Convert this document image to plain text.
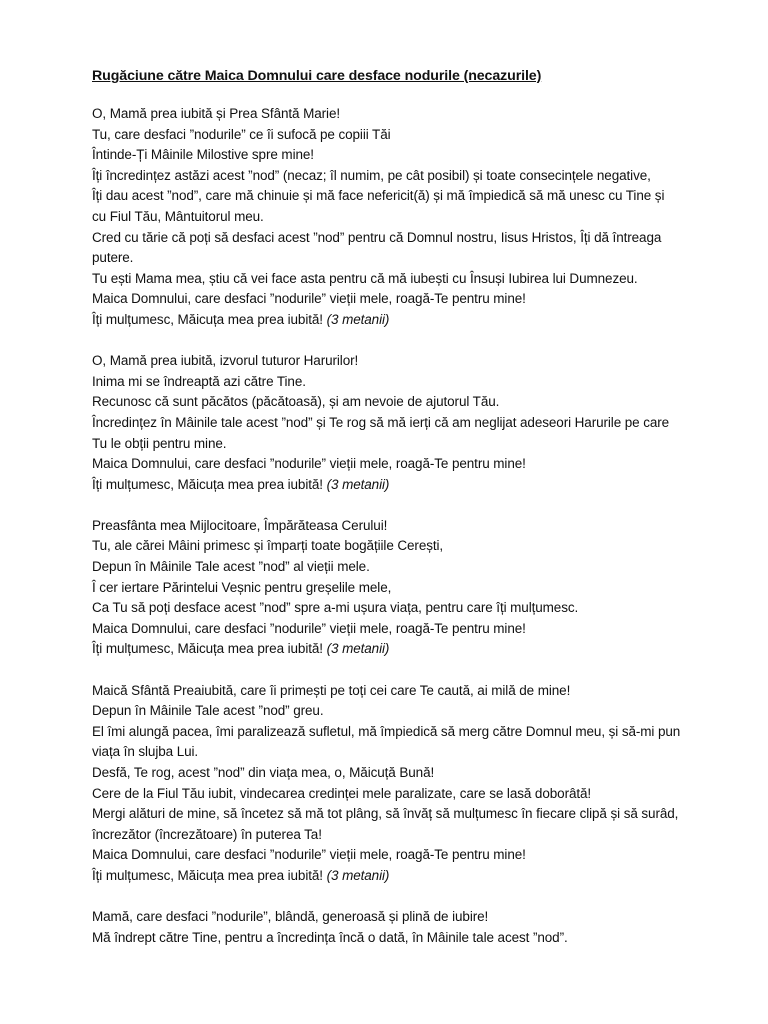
Rugăciune către Maica Domnului care desface nodurile (necazurile)
O, Mamă prea iubită și Prea Sfântă Marie!
Tu, care desfaci ”nodurile” ce îi sufocă pe copiii Tăi
Întinde-Ți Mâinile Milostive spre mine!
Îți încredințez astăzi acest ”nod” (necaz; îl numim, pe cât posibil) și toate consecințele negative,
Îți dau acest ”nod”, care mă chinuie și mă face nefericit(ă) și mă împiedică să mă unesc cu Tine și
cu Fiul Tău, Mântuitorul meu.
Cred cu tărie că poți să desfaci acest ”nod” pentru că Domnul nostru, Iisus Hristos, Îți dă întreaga
putere.
Tu ești Mama mea, știu că vei face asta pentru că mă iubești cu Însuși Iubirea lui Dumnezeu.
Maica Domnului, care desfaci ”nodurile” vieții mele, roagă-Te pentru mine!
Îți mulțumesc, Măicuța mea prea iubită! (3 metanii)
O, Mamă prea iubită, izvorul tuturor Harurilor!
Inima mi se îndreaptă azi către Tine.
Recunosc că sunt păcătos (păcătoasă), și am nevoie de ajutorul Tău.
Încredințez în Mâinile tale acest ”nod” și Te rog să mă ierți că am neglijat adeseori Harurile pe care
Tu le obții pentru mine.
Maica Domnului, care desfaci ”nodurile” vieții mele, roagă-Te pentru mine!
Îți mulțumesc, Măicuța mea prea iubită! (3 metanii)
Preasfânta mea Mijlocitoare, Împărăteasa Cerului!
Tu, ale cărei Mâini primesc și împarți toate bogățiile Cerești,
Depun în Mâinile Tale acest ”nod” al vieții mele.
Î cer iertare Părintelui Veșnic pentru greșelile mele,
Ca Tu să poți desface acest ”nod” spre a-mi ușura viața, pentru care îți mulțumesc.
Maica Domnului, care desfaci ”nodurile” vieții mele, roagă-Te pentru mine!
Îți mulțumesc, Măicuța mea prea iubită! (3 metanii)
Maică Sfântă Preaiubită, care îi primești pe toți cei care Te caută, ai milă de mine!
Depun în Mâinile Tale acest ”nod” greu.
El îmi alungă pacea, îmi paralizează sufletul, mă împiedică să merg către Domnul meu, și să-mi pun
viața în slujba Lui.
Desfă, Te rog, acest ”nod” din viața mea, o, Măicuță Bună!
Cere de la Fiul Tău iubit, vindecarea credinței mele paralizate, care se lasă doborâtă!
Mergi alături de mine, să încetez să mă tot plâng, să învăț să mulțumesc în fiecare clipă și să surâd,
încrezător (încrezătoare) în puterea Ta!
Maica Domnului, care desfaci ”nodurile” vieții mele, roagă-Te pentru mine!
Îți mulțumesc, Măicuța mea prea iubită! (3 metanii)
Mamă, care desfaci ”nodurile”, blândă, generoasă și plină de iubire!
Mă îndrept către Tine, pentru a încredința încă o dată, în Mâinile tale acest ”nod”.
